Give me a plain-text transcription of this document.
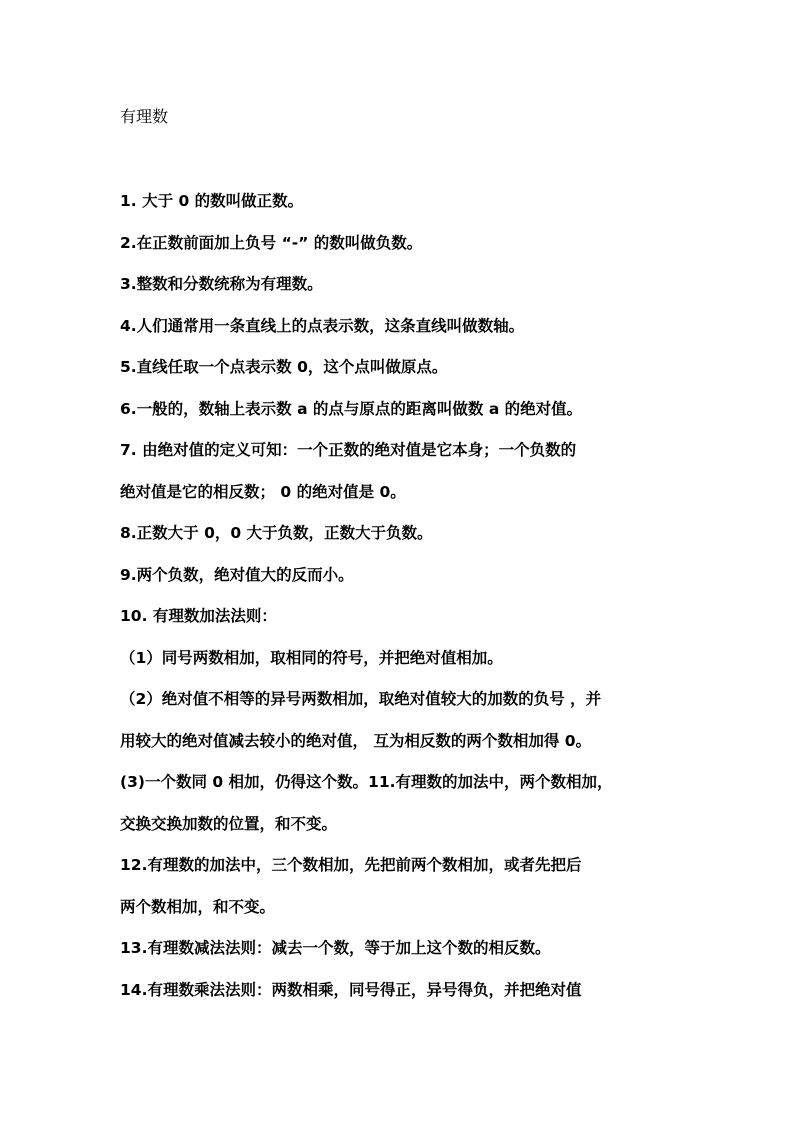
有理数
1. 大于 0 的数叫做正数。
2.在正数前面加上负号 “-” 的数叫做负数。
3.整数和分数统称为有理数。
4.人们通常用一条直线上的点表示数，这条直线叫做数轴。
5.直线任取一个点表示数 0，这个点叫做原点。
6.一般的，数轴上表示数 a 的点与原点的距离叫做数 a 的绝对值。
7. 由绝对值的定义可知：一个正数的绝对值是它本身；一个负数的
绝对值是它的相反数； 0 的绝对值是 0。
8.正数大于 0，0 大于负数，正数大于负数。
9.两个负数，绝对值大的反而小。
10. 有理数加法法则：
（1）同号两数相加，取相同的符号，并把绝对值相加。
（2）绝对值不相等的异号两数相加，取绝对值较大的加数的负号 ，并
用较大的绝对值减去较小的绝对值， 互为相反数的两个数相加得 0。
(3)一个数同 0 相加，仍得这个数。11.有理数的加法中，两个数相加，
交换交换加数的位置，和不变。
12.有理数的加法中，三个数相加，先把前两个数相加，或者先把后
两个数相加，和不变。
13.有理数减法法则：减去一个数，等于加上这个数的相反数。
14.有理数乘法法则：两数相乘，同号得正，异号得负，并把绝对值
